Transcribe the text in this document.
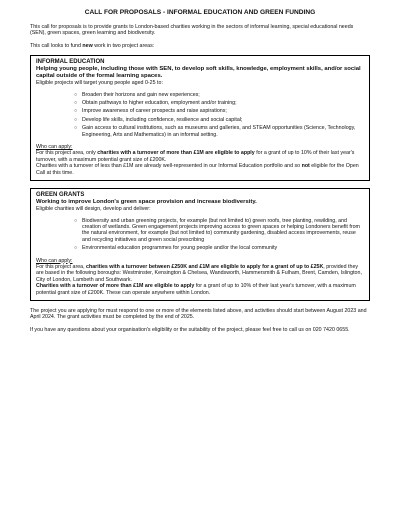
CALL FOR PROPOSALS - INFORMAL EDUCATION AND GREEN FUNDING

This call for proposals is to provide grants to London-based charities working in the sectors of informal learning, special educational needs (SEN), green spaces, green learning and biodiversity.

This call looks to fund new work in two project areas:

INFORMAL EDUCATION
Helping young people, including those with SEN, to develop soft skills, knowledge, employment skills, and/or social capital outside of the formal learning spaces.
Eligible projects will target young people aged 0-25 to:
○ Broaden their horizons and gain new experiences;
○ Obtain pathways to higher education, employment and/or training;
○ Improve awareness of career prospects and raise aspirations;
○ Develop life skills, including confidence, resilience and social capital;
○ Gain access to cultural institutions, such as museums and galleries, and STEAM opportunities (Science, Technology, Engineering, Arts and Mathematics) in an informal setting.
Who can apply:
For this project area, only charities with a turnover of more than £1M are eligible to apply for a grant of up to 10% of their last year's turnover, with a maximum potential grant size of £200K.
Charities with a turnover of less than £1M are already well-represented in our Informal Education portfolio and so not eligible for the Open Call at this time.
GREEN GRANTS
Working to improve London's green space provision and increase biodiversity.
Eligible charities will design, develop and deliver:
○ Biodiversity and urban greening projects, for example (but not limited to) green roofs, tree planting, rewilding, and creation of wetlands. Green engagement projects improving access to green spaces or helping Londoners benefit from the natural environment, for example (but not limited to) community gardening, disabled access improvements, reuse and recycling initiatives and green social prescribing
○ Environmental education programmes for young people and/or the local community
Who can apply:
For this project area, charities with a turnover between £250K and £1M are eligible to apply for a grant of up to £25K, provided they are based in the following boroughs: Westminster, Kensington & Chelsea, Wandsworth, Hammersmith & Fulham, Brent, Camden, Islington, City of London, Lambeth and Southwark.
Charities with a turnover of more than £1M are eligible to apply for a grant of up to 10% of their last year's turnover, with a maximum potential grant size of £200K. These can operate anywhere within London.

The project you are applying for must respond to one or more of the elements listed above, and activities should start between August 2023 and April 2024. The grant activities must be completed by the end of 2025.

If you have any questions about your organisation's eligibility or the suitability of the project, please feel free to call us on 020 7420 0655.
